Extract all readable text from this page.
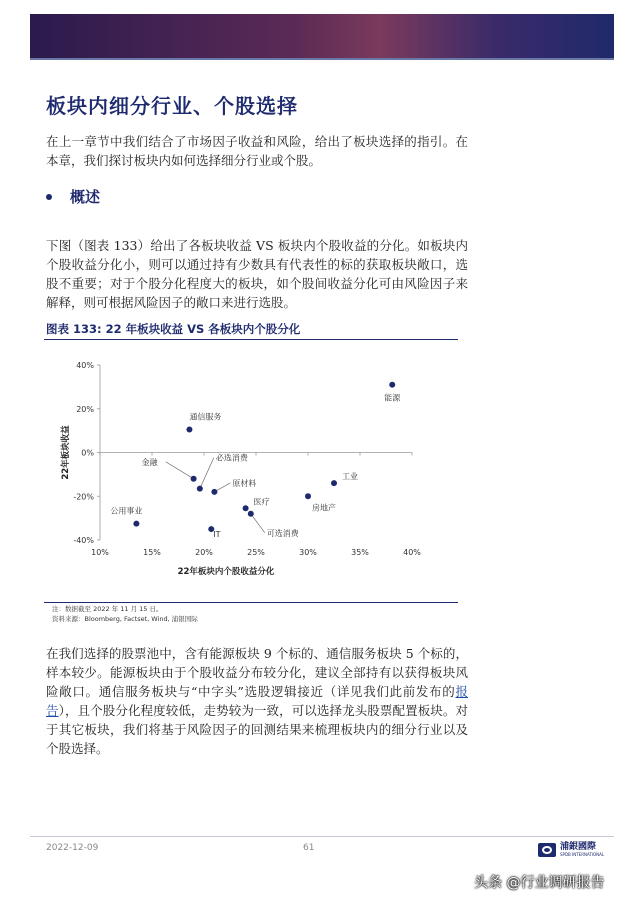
板块内细分行业、个股选择
在上一章节中我们结合了市场因子收益和风险，给出了板块选择的指引。在本章，我们探讨板块内如何选择细分行业或个股。
概述
下图（图表 133）给出了各板块收益 VS 板块内个股收益的分化。如板块内个股收益分化小，则可以通过持有少数具有代表性的标的获取板块敞口，选股不重要；对于个股分化程度大的板块，如个股间收益分化可由风险因子来解释，则可根据风险因子的敞口来进行选股。
图表 133: 22 年板块收益 VS 各板块内个股分化
40%
20%
0%
-20%
-40%
10%	15%	20%	25%	30%	35%	40%
能源
通信服务
金融	必选消费
原材料
工业
房地产
医疗
可选消费
公用事业
IT
22年板块收益
22年板块内个股收益分化
注：数据截至 2022 年 11 月 15 日。
资料来源：Bloomberg, Factset, Wind, 浦银国际
在我们选择的股票池中，含有能源板块 9 个标的、通信服务板块 5 个标的，样本较少。能源板块由于个股收益分布较分化，建议全部持有以获得板块风险敞口。通信服务板块与“中字头”选股逻辑接近（详见我们此前发布的报告），且个股分化程度较低，走势较为一致，可以选择龙头股票配置板块。对于其它板块，我们将基于风险因子的回测结果来梳理板块内的细分行业以及个股选择。
2022-12-09	61	浦銀國際
SPDB INTERNATIONAL
头条 @行业调研报告
